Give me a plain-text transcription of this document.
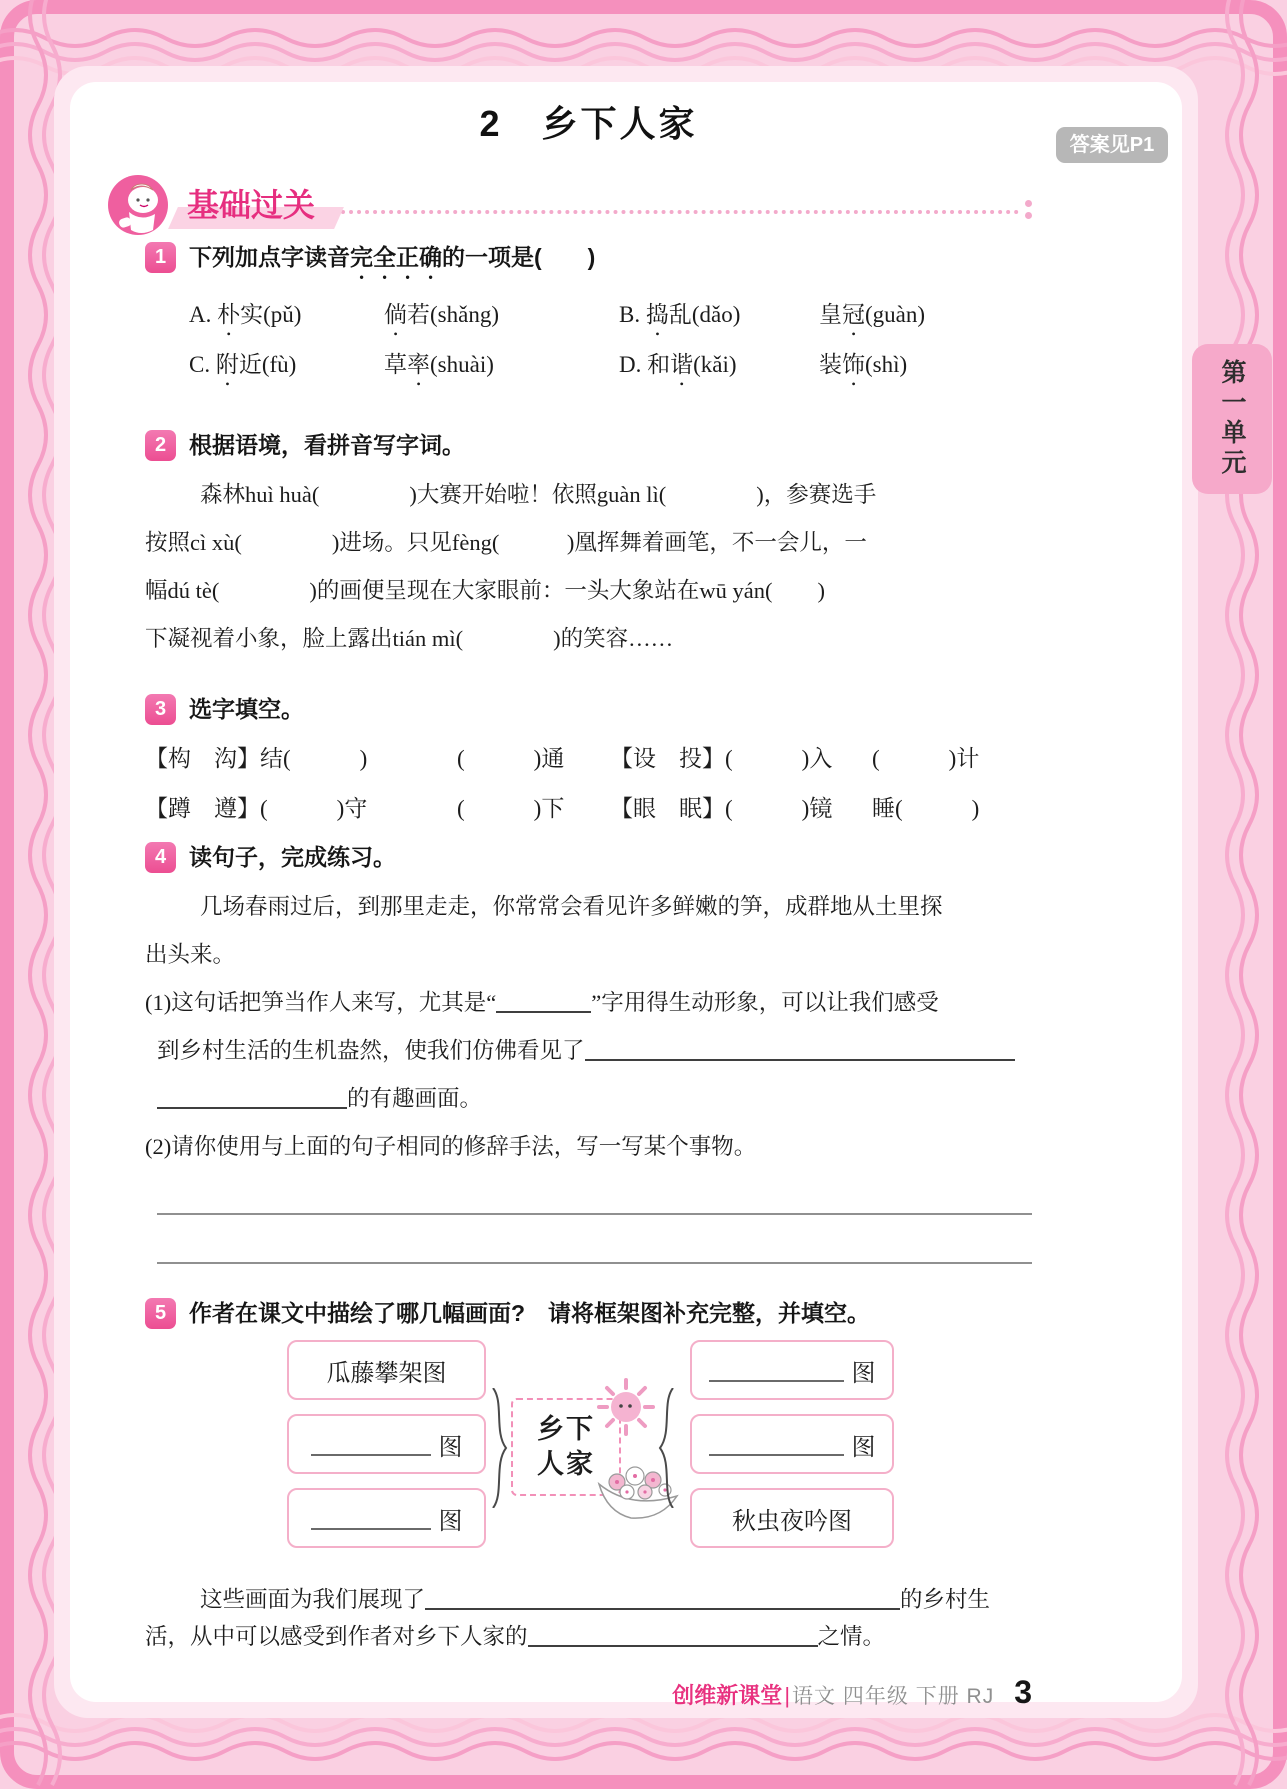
2　乡下人家
基础过关
1 下列加点字读音完全正确的一项是(　　)
A. 朴实(pǔ)	倘若(shǎng)	B. 捣乱(dǎo)	皇冠(guàn)
C. 附近(fù)	草率(shuài)	D. 和谐(kǎi)	装饰(shì)
2 根据语境，看拼音写字词。
森林huì huà(　　　　)大赛开始啦！依照guàn lì(　　　　)，参赛选手
按照cì xù(　　　　)进场。只见fèng(　　　)凰挥舞着画笔，不一会儿，一
幅dú tè(　　　　)的画便呈现在大家眼前：一头大象站在wū yán(　　)
下凝视着小象，脸上露出tián mì(　　　　)的笑容……
3 选字填空。
【构　沟】结(　　　)	(　　　)通	【设　投】(　　　)入	(　　　)计
【蹲　遵】(　　　)守	(　　　)下	【眼　眠】(　　　)镜	睡(　　　)
4 读句子，完成练习。
几场春雨过后，到那里走走，你常常会看见许多鲜嫩的笋，成群地从土里探
出头来。
(1)这句话把笋当作人来写，尤其是“	”字用得生动形象，可以让我们感受
到乡村生活的生机盎然，使我们仿佛看见了
的有趣画面。
(2)请你使用与上面的句子相同的修辞手法，写一写某个事物。
5 作者在课文中描绘了哪几幅画面?　请将框架图补充完整，并填空。
瓜藤攀架图
图
图
乡下
人家
图
图
秋虫夜吟图
这些画面为我们展现了	的乡村生
活，从中可以感受到作者对乡下人家的	之情。
创维新课堂 | 语文 四年级 下册 RJ 3
答案见P1
第一单元
